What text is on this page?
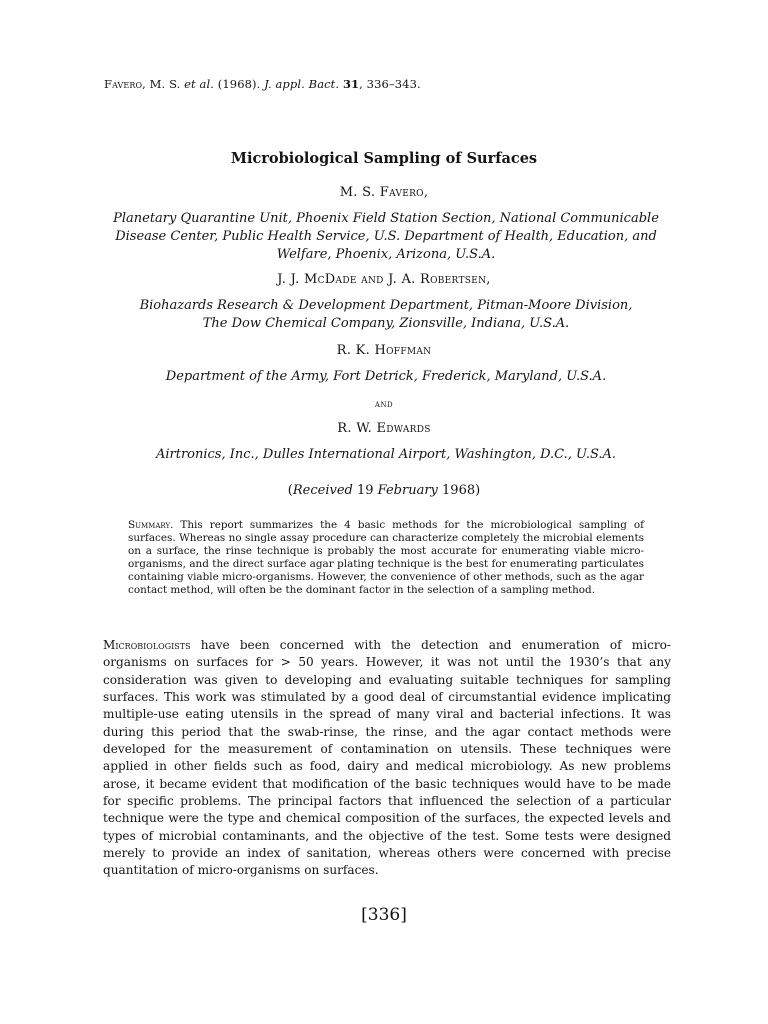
Favero, M. S. et al. (1968). J. appl. Bact. 31, 336–343.
Microbiological Sampling of Surfaces
M. S. Favero,
Planetary Quarantine Unit, Phoenix Field Station Section, National Communicable
Disease Center, Public Health Service, U.S. Department of Health, Education, and
Welfare, Phoenix, Arizona, U.S.A.
J. J. McDade and J. A. Robertsen,
Biohazards Research & Development Department, Pitman-Moore Division,
The Dow Chemical Company, Zionsville, Indiana, U.S.A.
R. K. Hoffman
Department of the Army, Fort Detrick, Frederick, Maryland, U.S.A.
and
R. W. Edwards
Airtronics, Inc., Dulles International Airport, Washington, D.C., U.S.A.
(Received 19 February 1968)
Summary. This report summarizes the 4 basic methods for the microbiological sampling of surfaces. Whereas no single assay procedure can characterize completely the microbial elements on a surface, the rinse technique is probably the most accurate for enumerating viable micro-organisms, and the direct surface agar plating technique is the best for enumerating particulates containing viable micro-organisms. However, the convenience of other methods, such as the agar contact method, will often be the dominant factor in the selection of a sampling method.
Microbiologists have been concerned with the detection and enumeration of micro-organisms on surfaces for > 50 years. However, it was not until the 1930’s that any consideration was given to developing and evaluating suitable techniques for sampling surfaces. This work was stimulated by a good deal of circumstantial evidence implicating multiple-use eating utensils in the spread of many viral and bacterial infections. It was during this period that the swab-rinse, the rinse, and the agar contact methods were developed for the measurement of contamination on utensils. These techniques were applied in other fields such as food, dairy and medical microbiology. As new problems arose, it became evident that modification of the basic techniques would have to be made for specific problems. The principal factors that influenced the selection of a particular technique were the type and chemical composition of the surfaces, the expected levels and types of microbial contaminants, and the objective of the test. Some tests were designed merely to provide an index of sanitation, whereas others were concerned with precise quantitation of micro-organisms on surfaces.
[336]
